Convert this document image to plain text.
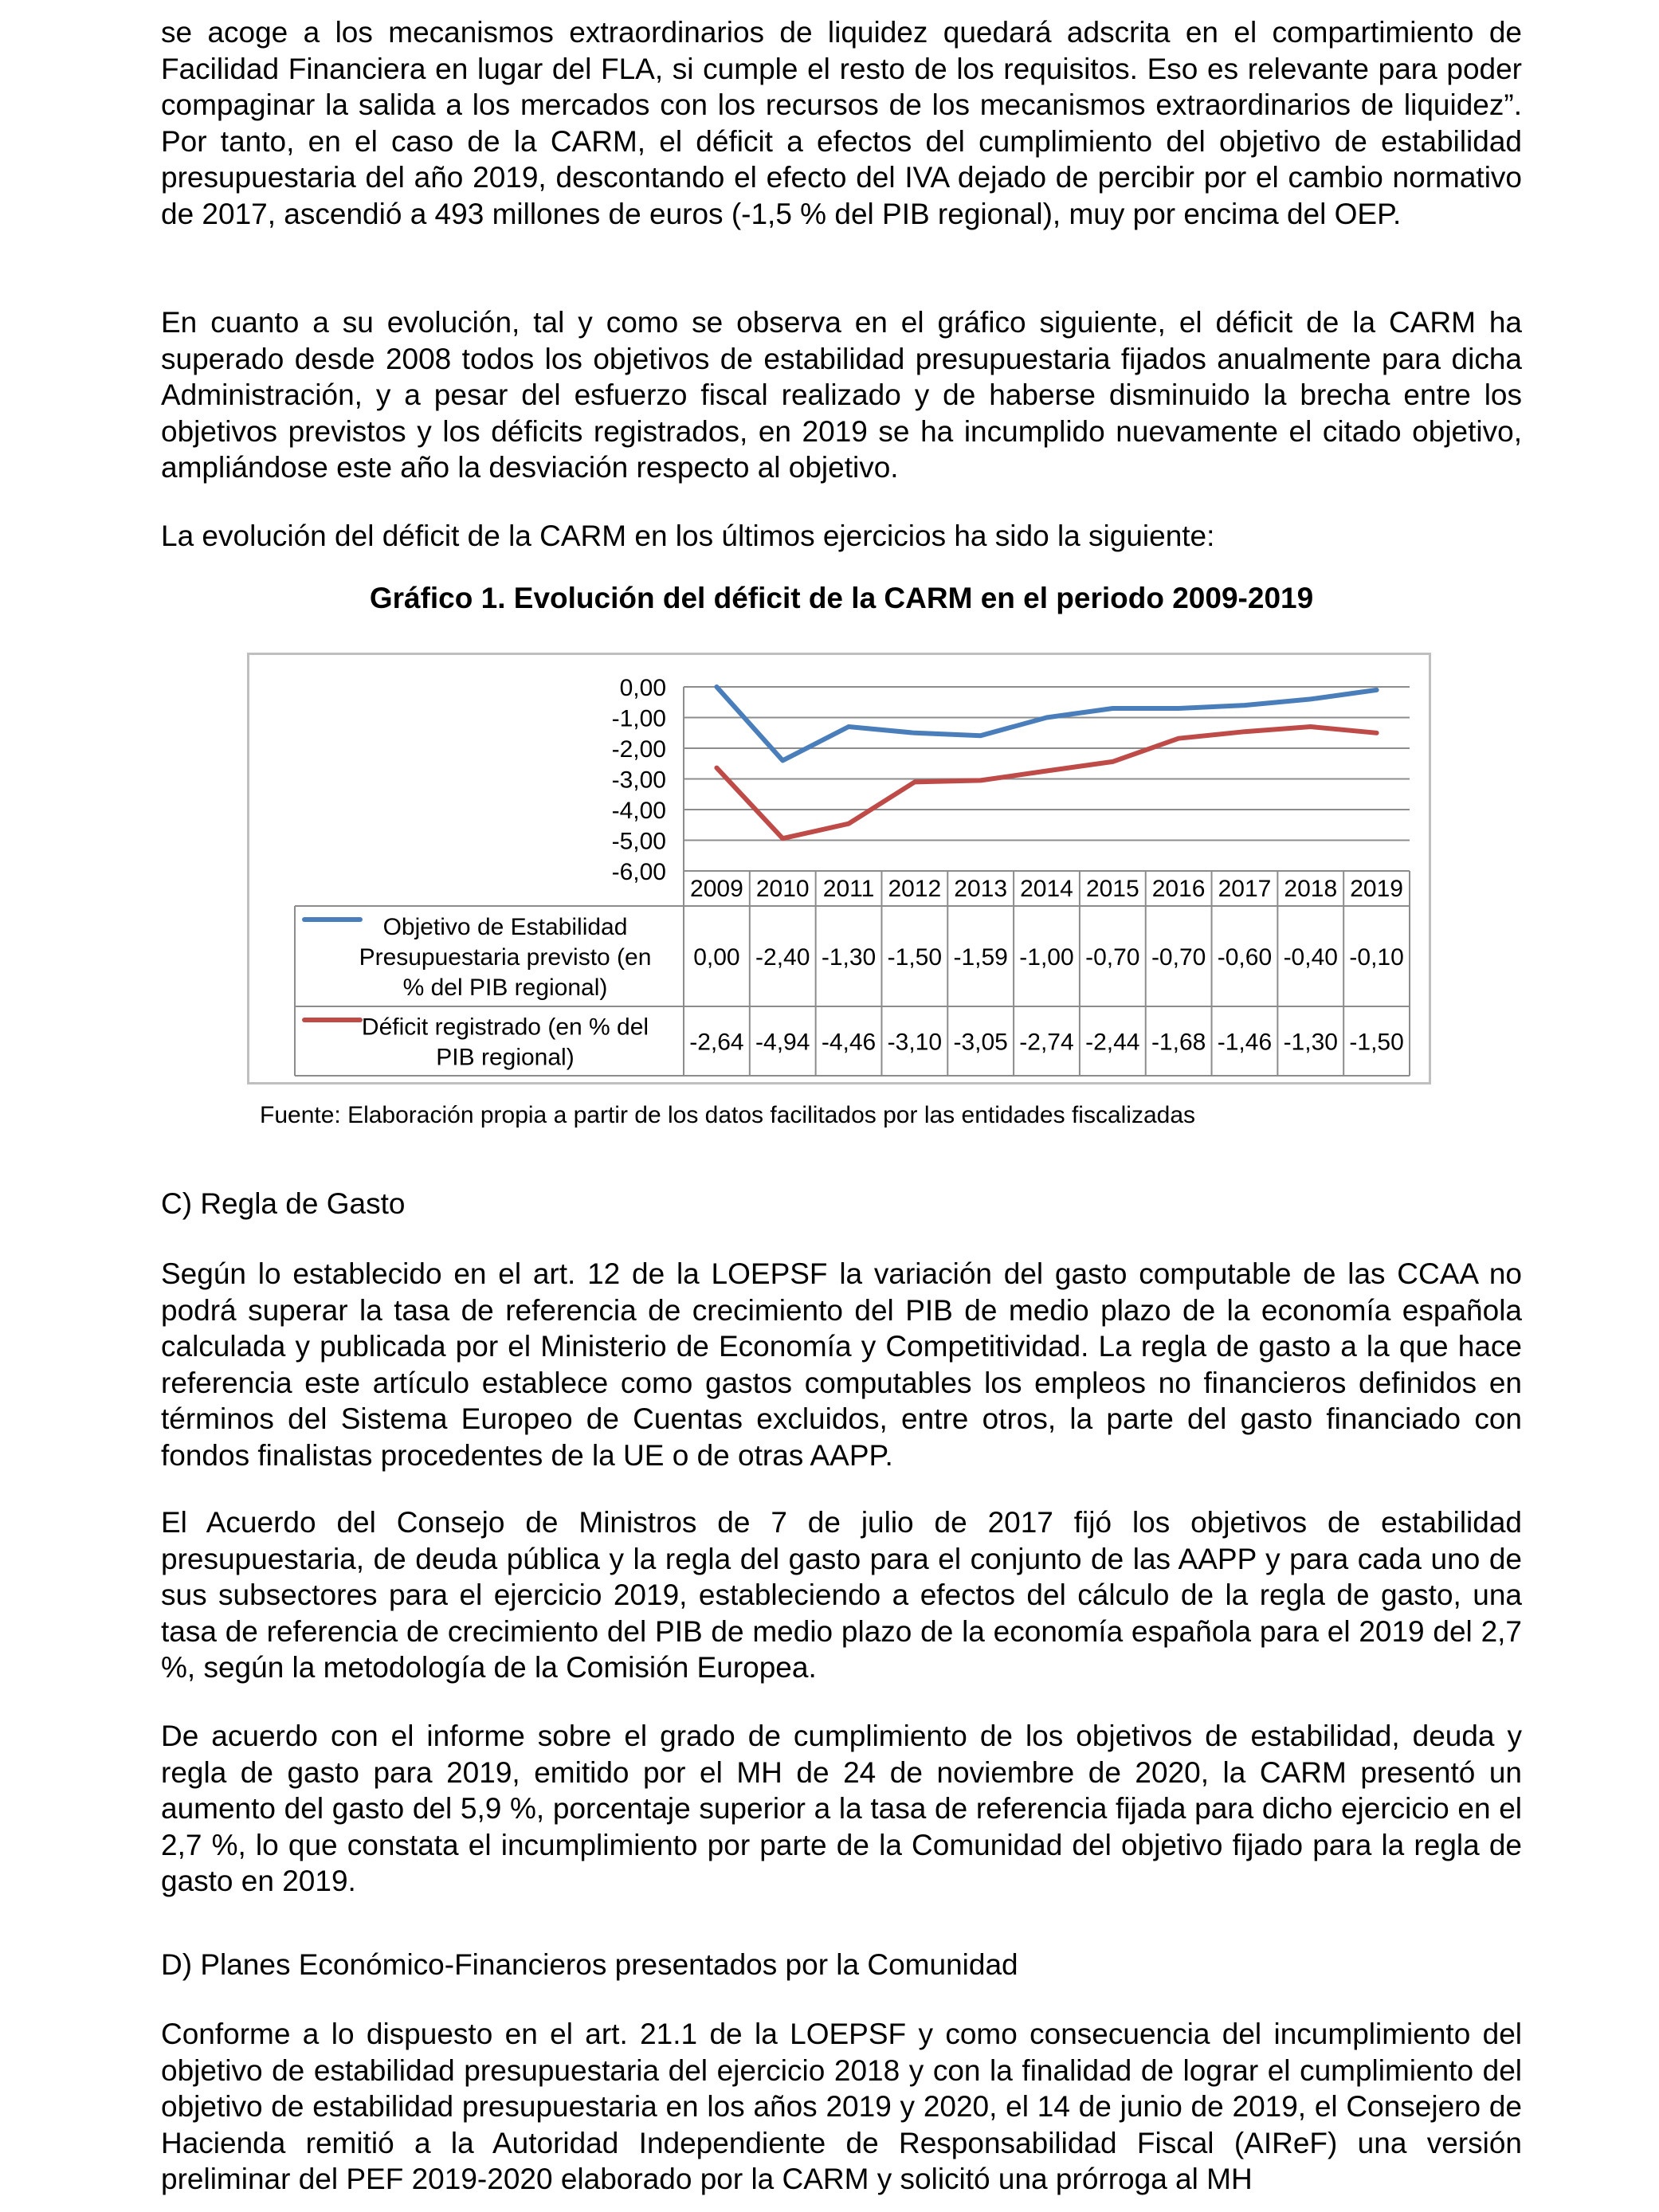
se acoge a los mecanismos extraordinarios de liquidez quedará adscrita en el compartimiento de Facilidad Financiera en lugar del FLA, si cumple el resto de los requisitos. Eso es relevante para poder compaginar la salida a los mercados con los recursos de los mecanismos extraordinarios de liquidez”. Por tanto, en el caso de la CARM, el déficit a efectos del cumplimiento del objetivo de estabilidad presupuestaria del año 2019, descontando el efecto del IVA dejado de percibir por el cambio normativo de 2017, ascendió a 493 millones de euros (-1,5 % del PIB regional), muy por encima del OEP.

En cuanto a su evolución, tal y como se observa en el gráfico siguiente, el déficit de la CARM ha superado desde 2008 todos los objetivos de estabilidad presupuestaria fijados anualmente para dicha Administración, y a pesar del esfuerzo fiscal realizado y de haberse disminuido la brecha entre los objetivos previstos y los déficits registrados, en 2019 se ha incumplido nuevamente el citado objetivo, ampliándose este año la desviación respecto al objetivo.

La evolución del déficit de la CARM en los últimos ejercicios ha sido la siguiente:

Gráfico 1. Evolución del déficit de la CARM en el periodo 2009-2019

0,00
-1,00
-2,00
-3,00
-4,00
-5,00
-6,00
2009 2010 2011 2012 2013 2014 2015 2016 2017 2018 2019
Objetivo de Estabilidad
Presupuestaria previsto (en
% del PIB regional)
0,00 -2,40 -1,30 -1,50 -1,59 -1,00 -0,70 -0,70 -0,60 -0,40 -0,10
Déficit registrado (en % del
PIB regional)
-2,64 -4,94 -4,46 -3,10 -3,05 -2,74 -2,44 -1,68 -1,46 -1,30 -1,50

Fuente: Elaboración propia a partir de los datos facilitados por las entidades fiscalizadas

C) Regla de Gasto

Según lo establecido en el art. 12 de la LOEPSF la variación del gasto computable de las CCAA no podrá superar la tasa de referencia de crecimiento del PIB de medio plazo de la economía española calculada y publicada por el Ministerio de Economía y Competitividad. La regla de gasto a la que hace referencia este artículo establece como gastos computables los empleos no financieros definidos en términos del Sistema Europeo de Cuentas excluidos, entre otros, la parte del gasto financiado con fondos finalistas procedentes de la UE o de otras AAPP.

El Acuerdo del Consejo de Ministros de 7 de julio de 2017 fijó los objetivos de estabilidad presupuestaria, de deuda pública y la regla del gasto para el conjunto de las AAPP y para cada uno de sus subsectores para el ejercicio 2019, estableciendo a efectos del cálculo de la regla de gasto, una tasa de referencia de crecimiento del PIB de medio plazo de la economía española para el 2019 del 2,7 %, según la metodología de la Comisión Europea.

De acuerdo con el informe sobre el grado de cumplimiento de los objetivos de estabilidad, deuda y regla de gasto para 2019, emitido por el MH de 24 de noviembre de 2020, la CARM presentó un aumento del gasto del 5,9 %, porcentaje superior a la tasa de referencia fijada para dicho ejercicio en el 2,7 %, lo que constata el incumplimiento por parte de la Comunidad del objetivo fijado para la regla de gasto en 2019.

D) Planes Económico-Financieros presentados por la Comunidad

Conforme a lo dispuesto en el art. 21.1 de la LOEPSF y como consecuencia del incumplimiento del objetivo de estabilidad presupuestaria del ejercicio 2018 y con la finalidad de lograr el cumplimiento del objetivo de estabilidad presupuestaria en los años 2019 y 2020, el 14 de junio de 2019, el Consejero de Hacienda remitió a la Autoridad Independiente de Responsabilidad Fiscal (AIReF) una versión preliminar del PEF 2019-2020 elaborado por la CARM y solicitó una prórroga al MH
